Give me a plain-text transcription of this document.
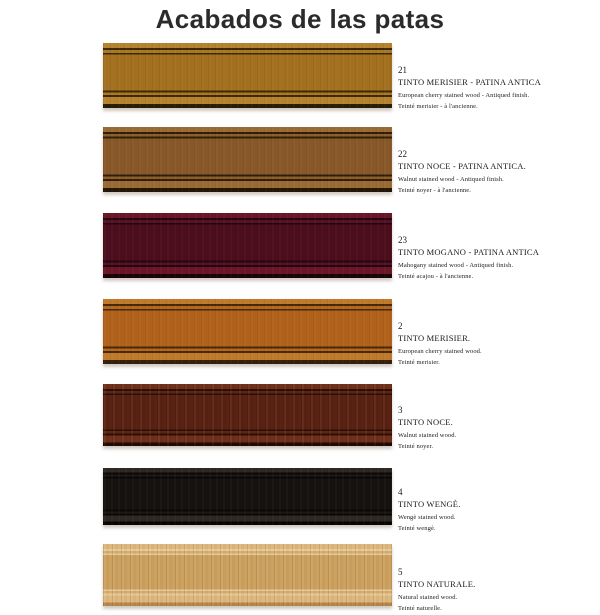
Acabados de las patas
21
TINTO MERISIER - PATINA ANTICA
European cherry stained wood - Antiqued finish.
Teinté merisier - à l'ancienne.
22
TINTO NOCE - PATINA ANTICA.
Walnut stained wood - Antiqued finish.
Teinté noyer - à l'ancienne.
23
TINTO MOGANO - PATINA ANTICA
Mahogany stained wood - Antiqued finish.
Teinté acajou - à l'ancienne.
2
TINTO MERISIER.
European cherry stained wood.
Teinté merisier.
3
TINTO NOCE.
Walnut stained wood.
Teinté noyer.
4
TINTO WENGÈ.
Wengè stained wood.
Teinté wengè.
5
TINTO NATURALE.
Natural stained wood.
Teinté naturelle.
